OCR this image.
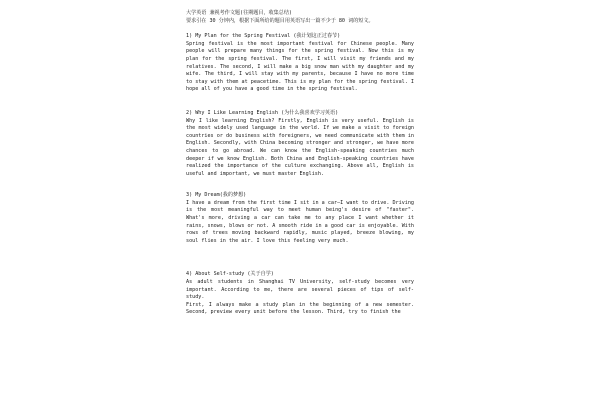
大学英语 兼视考作文题(往期题目，收集总结)

要求引在 30 分钟内，根据下面所给的题目用英语写出一篇不少于 80 词的短文。

1) My Plan for the Spring Festival (我计划这正过春节)

Spring festival is the most important festival for Chinese people. Many people will prepare many things for the spring festival. Now this is my plan for the spring festival. The first, I will visit my friends and my relatives. The second, I will make a big snow man with my daughter and my wife. The third, I will stay with my parents, because I have no more time to stay with them at peacetime. This is my plan for the spring festival. I hope all of you have a good time in the spring festival.

2) Why I Like Learning English (为什么我喜欢学习英语)

Why I like learning English? Firstly, English is very useful. English is the most widely used language in the world. If we make a visit to foreign countries or do business with foreigners, we need communicate with them in English. Secondly, with China becoming stronger and stronger, we have more chances to go abroad. We can know the English-speaking countries much deeper if we know English. Both China and English-speaking countries have realized the importance of the culture exchanging. Above all, English is useful and important, we must master English.

3) My Dream(我的梦想)

I have a dream from the first time I sit in a car—I want to drive. Driving is the most meaningful way to meet human being's desire of "faster". What's more, driving a car can take me to any place I want whether it rains, snows, blows or not. A smooth ride in a good car is enjoyable. With rows of trees moving backward rapidly, music played, breeze blowing, my soul flies in the air. I love this feeling very much.

4) About Self-study (关于自学)

As adult students in Shanghai TV University, self-study becomes very important. According to me, there are several pieces of tips of self-study.

First, I always make a study plan in the beginning of a new semester. Second, preview every unit before the lesson. Third, try to finish the
